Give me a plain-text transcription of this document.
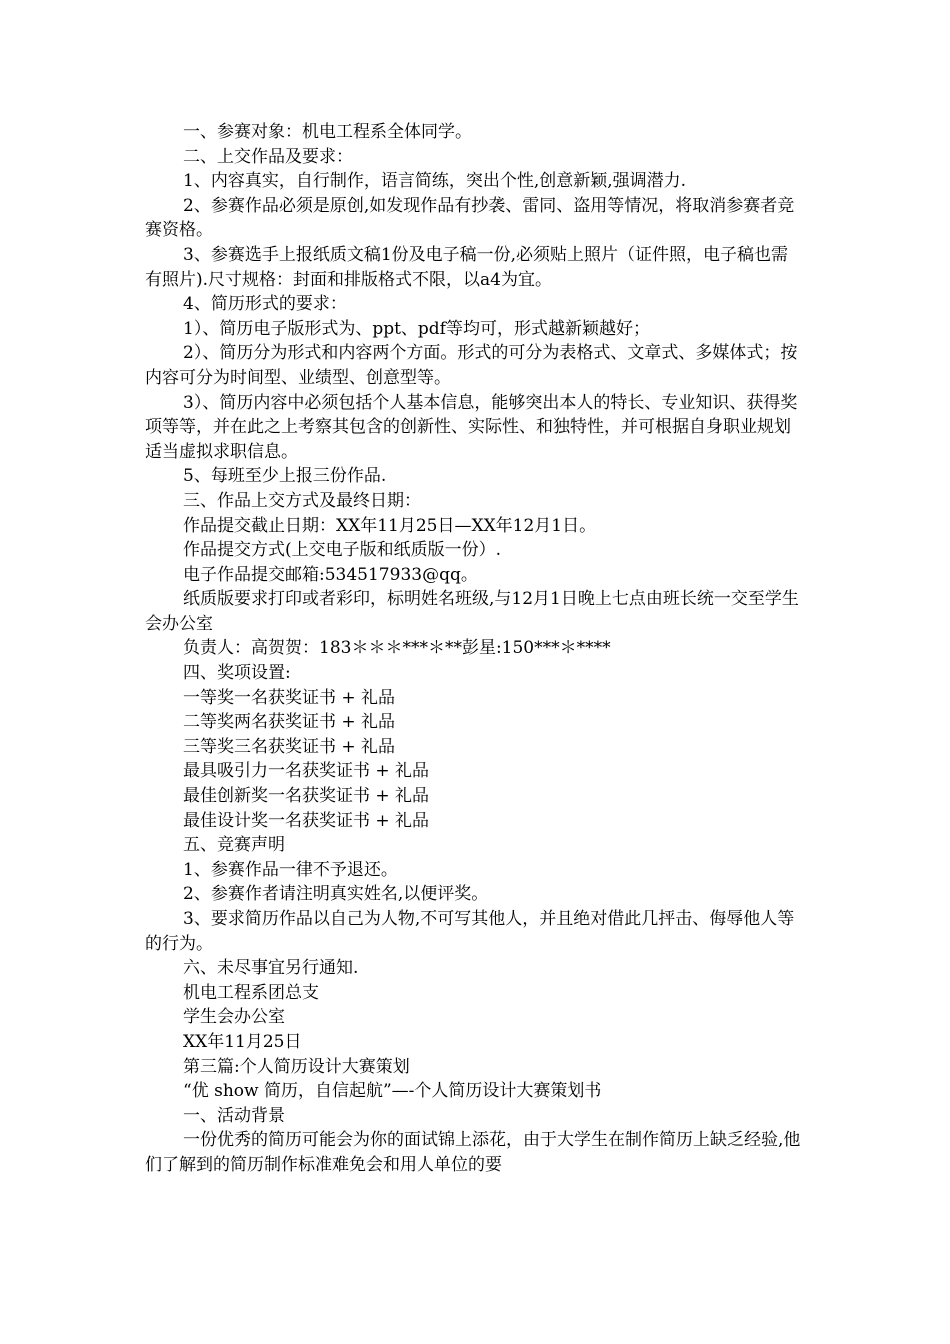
一、参赛对象：机电工程系全体同学。

二、上交作品及要求：

1、内容真实，自行制作，语言简练，突出个性,创意新颖,强调潜力.

2、参赛作品必须是原创,如发现作品有抄袭、雷同、盗用等情况，将取消参赛者竞赛资格。

3、参赛选手上报纸质文稿1份及电子稿一份,必须贴上照片（证件照，电子稿也需有照片).尺寸规格：封面和排版格式不限，以a4为宜。

4、简历形式的要求：

1）、简历电子版形式为、ppt、pdf等均可，形式越新颖越好；

2）、简历分为形式和内容两个方面。形式的可分为表格式、文章式、多媒体式；按内容可分为时间型、业绩型、创意型等。

3）、简历内容中必须包括个人基本信息，能够突出本人的特长、专业知识、获得奖项等等，并在此之上考察其包含的创新性、实际性、和独特性，并可根据自身职业规划适当虚拟求职信息。

5、每班至少上报三份作品.

三、作品上交方式及最终日期：

作品提交截止日期：XX年11月25日—XX年12月1日。

作品提交方式(上交电子版和纸质版一份）.

电子作品提交邮箱:534517933@qq。

纸质版要求打印或者彩印，标明姓名班级,与12月1日晚上七点由班长统一交至学生会办公室

负责人：高贺贺：183＊＊＊***＊**彭星:150***＊****

四、奖项设置:

一等奖一名获奖证书 + 礼品

二等奖两名获奖证书 + 礼品

三等奖三名获奖证书 + 礼品

最具吸引力一名获奖证书 + 礼品

最佳创新奖一名获奖证书 + 礼品

最佳设计奖一名获奖证书 + 礼品

五、竞赛声明

1、参赛作品一律不予退还。

2、参赛作者请注明真实姓名,以便评奖。

3、要求简历作品以自己为人物,不可写其他人，并且绝对借此几抨击、侮辱他人等的行为。

六、未尽事宜另行通知.

机电工程系团总支

学生会办公室

XX年11月25日

第三篇:个人简历设计大赛策划

“优 show 简历，自信起航”—-个人简历设计大赛策划书

一、活动背景

一份优秀的简历可能会为你的面试锦上添花，由于大学生在制作简历上缺乏经验,他们了解到的简历制作标准难免会和用人单位的要
